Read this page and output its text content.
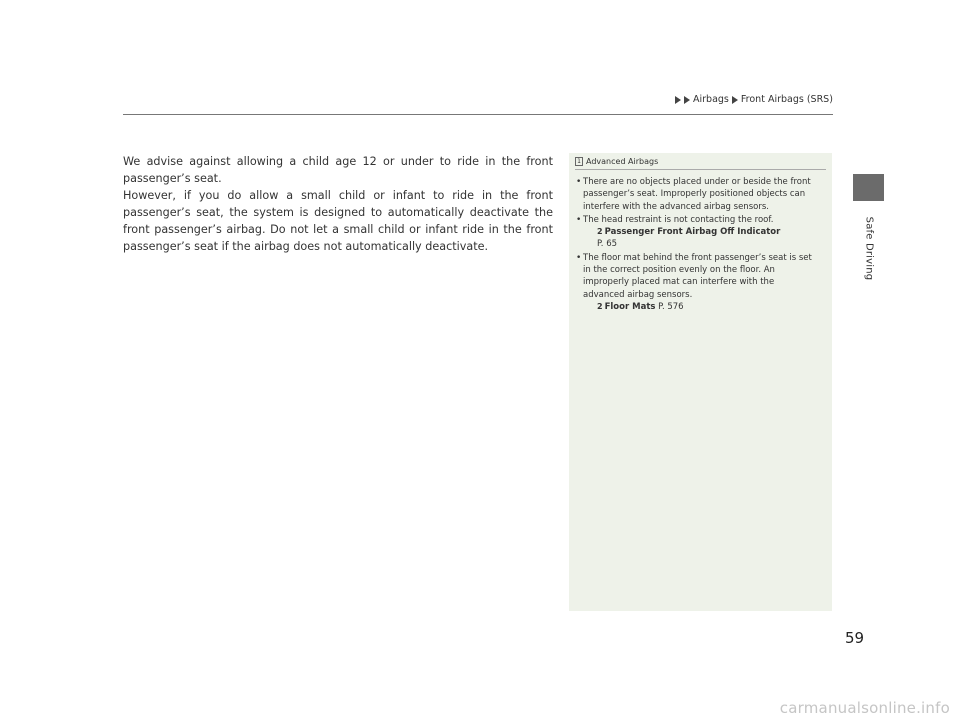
Airbags Front Airbags (SRS)
Safe Driving

We advise against allowing a child age 12 or under to ride in the front passenger’s seat.

However, if you do allow a small child or infant to ride in the front passenger’s seat, the system is designed to automatically deactivate the front passenger’s airbag. Do not let a small child or infant ride in the front passenger’s seat if the airbag does not automatically deactivate.

1 Advanced Airbags
• There are no objects placed under or beside the front passenger’s seat. Improperly positioned objects can interfere with the advanced airbag sensors.
• The head restraint is not contacting the roof.
2 Passenger Front Airbag Off Indicator
P. 65
• The floor mat behind the front passenger’s seat is set in the correct position evenly on the floor. An improperly placed mat can interfere with the advanced airbag sensors.
2 Floor Mats P. 576
59
carmanualsonline.info
